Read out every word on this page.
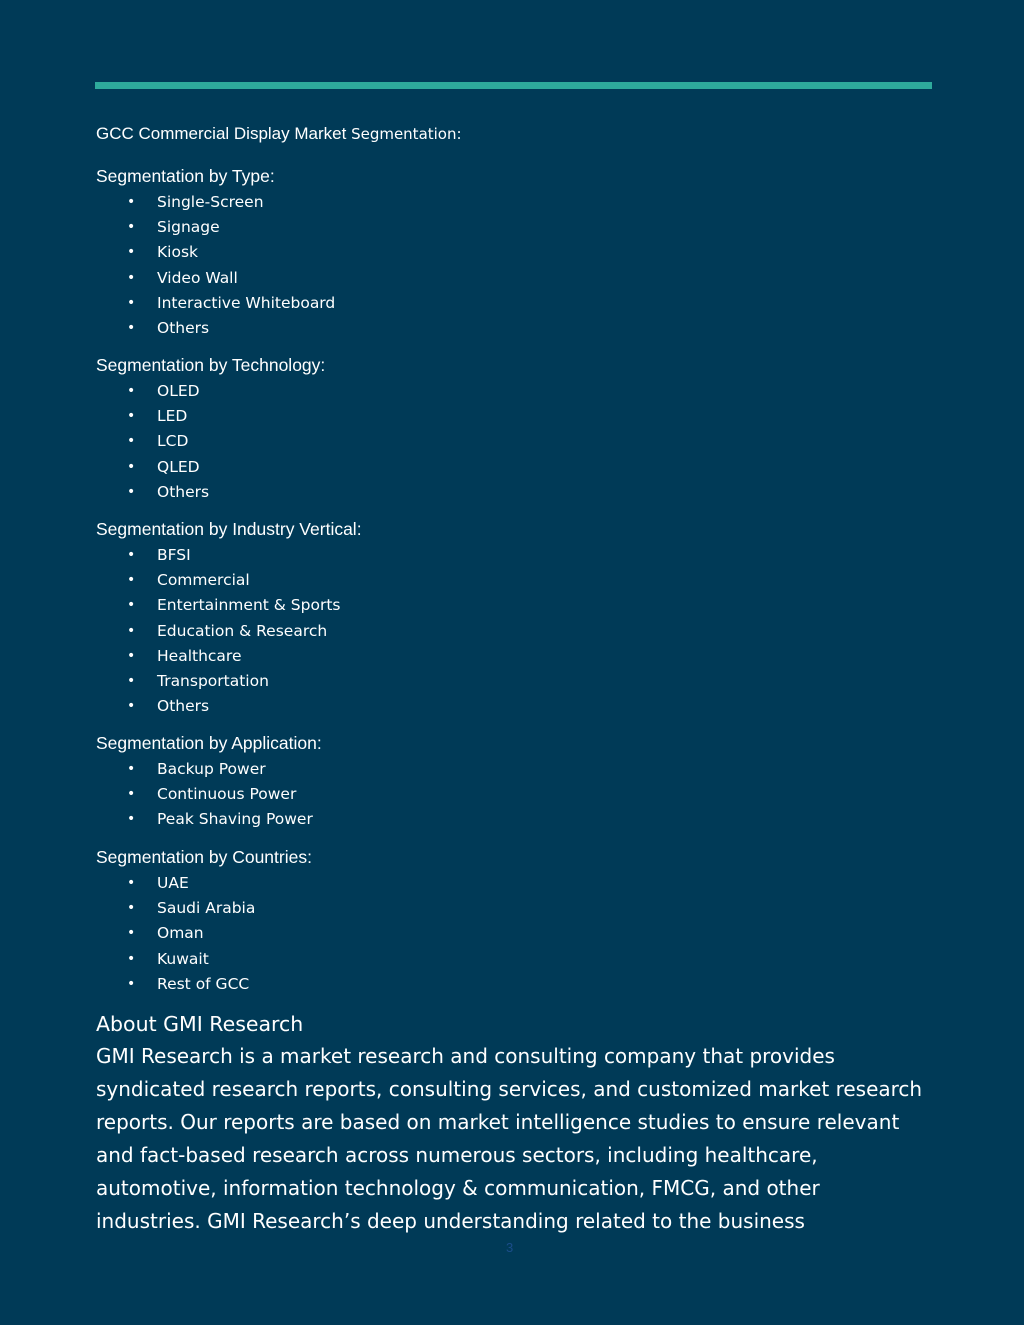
GCC Commercial Display Market Segmentation:
Segmentation by Type:
• Single-Screen
• Signage
• Kiosk
• Video Wall
• Interactive Whiteboard
• Others
Segmentation by Technology:
• OLED
• LED
• LCD
• QLED
• Others
Segmentation by Industry Vertical:
• BFSI
• Commercial
• Entertainment & Sports
• Education & Research
• Healthcare
• Transportation
• Others
Segmentation by Application:
• Backup Power
• Continuous Power
• Peak Shaving Power
Segmentation by Countries:
• UAE
• Saudi Arabia
• Oman
• Kuwait
• Rest of GCC
About GMI Research

GMI Research is a market research and consulting company that provides syndicated research reports, consulting services, and customized market research reports. Our reports are based on market intelligence studies to ensure relevant and fact-based research across numerous sectors, including healthcare, automotive, information technology & communication, FMCG, and other industries. GMI Research’s deep understanding related to the business

3
